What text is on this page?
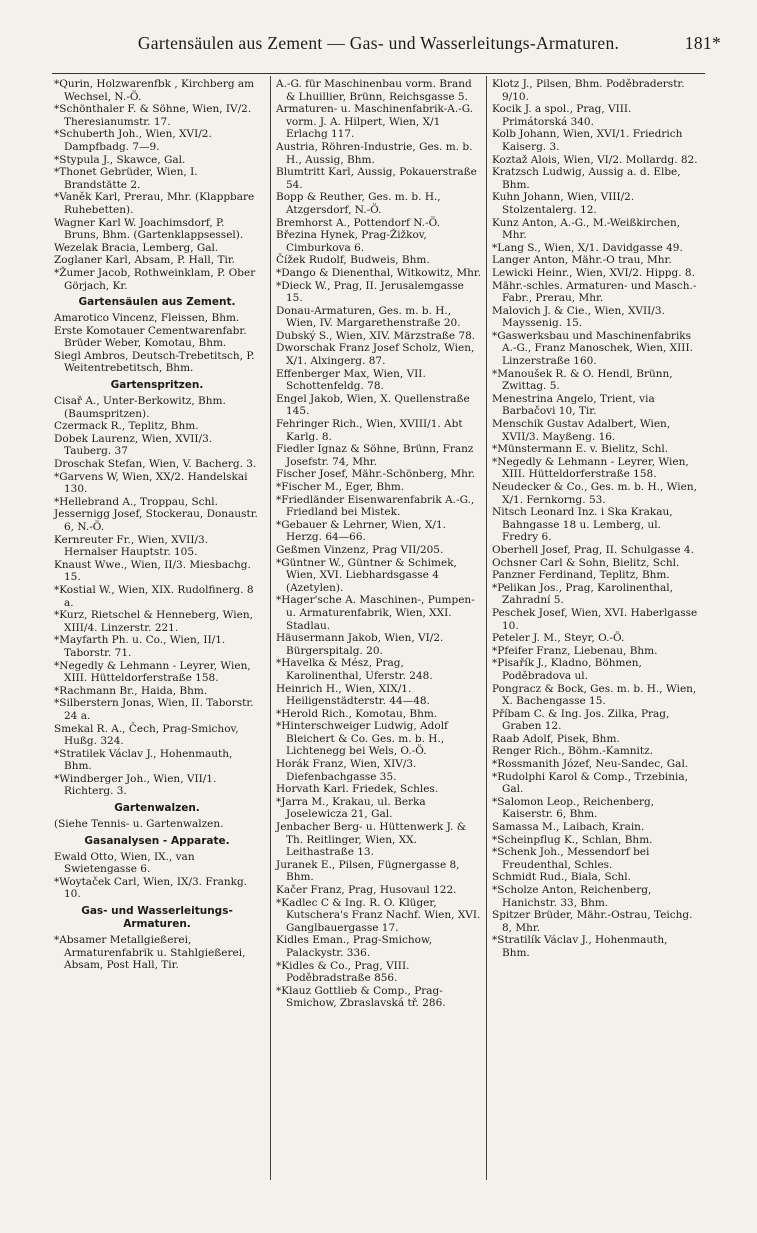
Gartensäulen aus Zement — Gas- und Wasserleitungs-Armaturen.	181*

*Qurin, Holzwarenfbk , Kirchberg am Wechsel, N.-Ö.

*Schönthaler F. & Söhne, Wien, IV/2. Theresianumstr. 17.

*Schuberth Joh., Wien, XVI/2. Dampfbadg. 7—9.

*Stypula J., Skawce, Gal.

*Thonet Gebrüder, Wien, I. Brandstätte 2.

*Vaněk Karl, Prerau, Mhr. (Klappbare Ruhebetten).

Wagner Karl W. Joachimsdorf, P. Bruns, Bhm. (Gartenklappsessel).

Wezelak Bracia, Lemberg, Gal.

Zoglaner Karl, Absam, P. Hall, Tir.

*Žumer Jacob, Rothweinklam, P. Ober Görjach, Kr.

Gartensäulen aus Zement.

Amarotico Vincenz, Fleissen, Bhm.

Erste Komotauer Cementwarenfabr. Brüder Weber, Komotau, Bhm.

Siegl Ambros, Deutsch-Trebetitsch, P. Weitentrebetitsch, Bhm.

Gartenspritzen.

Cisař A., Unter-Berkowitz, Bhm. (Baumspritzen).

Czermack R., Teplitz, Bhm.

Dobek Laurenz, Wien, XVII/3. Tauberg. 37

Droschak Stefan, Wien, V. Bacherg. 3.

*Garvens W, Wien, XX/2. Handelskai 130.

*Hellebrand A., Troppau, Schl.

Jessernigg Josef, Stockerau, Donaustr. 6, N.-Ö.

Kernreuter Fr., Wien, XVII/3. Hernalser Hauptstr. 105.

Knaust Wwe., Wien, II/3. Miesbachg. 15.

*Kostial W., Wien, XIX. Rudolfinerg. 8 a.

*Kurz, Rietschel & Henneberg, Wien, XIII/4. Linzerstr. 221.

*Mayfarth Ph. u. Co., Wien, II/1. Taborstr. 71.

*Negedly & Lehmann - Leyrer, Wien, XIII. Hütteldorferstraße 158.

*Rachmann Br., Haida, Bhm.

*Silberstern Jonas, Wien, II. Taborstr. 24 a.

Smekal R. A., Čech, Prag-Smichov, Hußg. 324.

*Stratilek Václav J., Hohenmauth, Bhm.

*Windberger Joh., Wien, VII/1. Richterg. 3.

Gartenwalzen.

(Siehe Tennis- u. Gartenwalzen.

Gasanalysen - Apparate.

Ewald Otto, Wien, IX., van Swietengasse 6.

*Woytaček Carl, Wien, IX/3. Frankg. 10.

Gas- und Wasserleitungs-Armaturen.

*Absamer Metallgießerei, Armaturenfabrik u. Stahlgießerei, Absam, Post Hall, Tir.

A.-G. für Maschinenbau vorm. Brand & Lhuillier, Brünn, Reichsgasse 5.

Armaturen- u. Maschinenfabrik-A.-G. vorm. J. A. Hilpert, Wien, X/1 Erlachg 117.

Austria, Röhren-Industrie, Ges. m. b. H., Aussig, Bhm.

Blumtritt Karl, Aussig, Pokauerstraße 54.

Bopp & Reuther, Ges. m. b. H., Atzgersdorf, N.-Ö.

Bremhorst A., Pottendorf N.-Ö.

Březina Hynek, Prag-Žižkov, Cimburkova 6.

Čížek Rudolf, Budweis, Bhm.

*Dango & Dienenthal, Witkowitz, Mhr.

*Dieck W., Prag, II. Jerusalemgasse 15.

Donau-Armaturen, Ges. m. b. H., Wien, IV. Margarethenstraße 20.

Dubský S., Wien, XIV. Märzstraße 78.

Dworschak Franz Josef Scholz, Wien, X/1. Alxingerg. 87.

Effenberger Max, Wien, VII. Schottenfeldg. 78.

Engel Jakob, Wien, X. Quellenstraße 145.

Fehringer Rich., Wien, XVIII/1. Abt Karlg. 8.

Fiedler Ignaz & Söhne, Brünn, Franz Josefstr. 74, Mhr.

Fischer Josef, Mähr.-Schönberg, Mhr.

*Fischer M., Eger, Bhm.

*Friedländer Eisenwarenfabrik A.-G., Friedland bei Mistek.

*Gebauer & Lehrner, Wien, X/1. Herzg. 64—66.

Geßmen Vinzenz, Prag VII/205.

*Güntner W., Güntner & Schimek, Wien, XVI. Liebhardsgasse 4 (Azetylen).

*Hager'sche A. Maschinen-, Pumpen- u. Armaturenfabrik, Wien, XXI. Stadlau.

Häusermann Jakob, Wien, VI/2. Bürgerspitalg. 20.

*Havelka & Mész, Prag, Karolinenthal, Uferstr. 248.

Heinrich H., Wien, XIX/1. Heiligenstädterstr. 44—48.

*Herold Rich., Komotau, Bhm.

*Hinterschweiger Ludwig, Adolf Bleichert & Co. Ges. m. b. H., Lichtenegg bei Wels, O.-Ö.

Horák Franz, Wien, XIV/3. Diefenbachgasse 35.

Horvath Karl. Friedek, Schles.

*Jarra M., Krakau, ul. Berka Joselewicza 21, Gal.

Jenbacher Berg- u. Hüttenwerk J. & Th. Reitlinger, Wien, XX. Leithastraße 13.

Juranek E., Pilsen, Fügnergasse 8, Bhm.

Kačer Franz, Prag, Husovaul 122.

*Kadlec C & Ing. R. O. Klüger, Kutschera's Franz Nachf. Wien, XVI. Ganglbauergasse 17.

Kidles Eman., Prag-Smichow, Palackystr. 336.

*Kidles & Co., Prag, VIII. Poděbradstraße 856.

*Klauz Gottlieb & Comp., Prag-Smichow, Zbraslavská tř. 286.

Klotz J., Pilsen, Bhm. Poděbraderstr. 9/10.

Kocik J. a spol., Prag, VIII. Primátorská 340.

Kolb Johann, Wien, XVI/1. Friedrich Kaiserg. 3.

Koztaž Alois, Wien, VI/2. Mollardg. 82.

Kratzsch Ludwig, Aussig a. d. Elbe, Bhm.

Kuhn Johann, Wien, VIII/2. Stolzentalerg. 12.

Kunz Anton, A.-G., M.-Weißkirchen, Mhr.

*Lang S., Wien, X/1. Davidgasse 49.

Langer Anton, Mähr.-O trau, Mhr.

Lewicki Heinr., Wien, XVI/2. Hippg. 8.

Mähr.-schles. Armaturen- und Masch.-Fabr., Prerau, Mhr.

Malovich J. & Cie., Wien, XVII/3. Mayssenig. 15.

*Gaswerksbau und Maschinenfabriks A.-G., Franz Manoschek, Wien, XIII. Linzerstraße 160.

*Manoušek R. & O. Hendl, Brünn, Zwittag. 5.

Menestrina Angelo, Trient, via Barbačovi 10, Tir.

Menschik Gustav Adalbert, Wien, XVII/3. Mayßeng. 16.

*Münstermann E. v. Bielitz, Schl.

*Negedly & Lehmann - Leyrer, Wien, XIII. Hütteldorferstraße 158.

Neudecker & Co., Ges. m. b. H., Wien, X/1. Fernkorng. 53.

Nitsch Leonard Inz. i Ska Krakau, Bahngasse 18 u. Lemberg, ul. Fredry 6.

Oberhell Josef, Prag, II. Schulgasse 4.

Ochsner Carl & Sohn, Bielitz, Schl.

Panzner Ferdinand, Teplitz, Bhm.

*Pelikan Jos., Prag, Karolinenthal, Zahradní 5.

Peschek Josef, Wien, XVI. Haberlgasse 10.

Peteler J. M., Steyr, O.-Ö.

*Pfeifer Franz, Liebenau, Bhm.

*Pisařík J., Kladno, Böhmen, Poděbradova ul.

Pongracz & Bock, Ges. m. b. H., Wien, X. Bachengasse 15.

Příbam C. & Ing. Jos. Zilka, Prag, Graben 12.

Raab Adolf, Pisek, Bhm.

Renger Rich., Böhm.-Kamnitz.

*Rossmanith Józef, Neu-Sandec, Gal.

*Rudolphi Karol & Comp., Trzebinia, Gal.

*Salomon Leop., Reichenberg, Kaiserstr. 6, Bhm.

Samassa M., Laibach, Krain.

*Scheinpflug K., Schlan, Bhm.

*Schenk Joh., Messendorf bei Freudenthal, Schles.

Schmidt Rud., Biala, Schl.

*Scholze Anton, Reichenberg, Hanichstr. 33, Bhm.

Spitzer Brüder, Mähr.-Ostrau, Teichg. 8, Mhr.

*Stratilík Václav J., Hohenmauth, Bhm.
